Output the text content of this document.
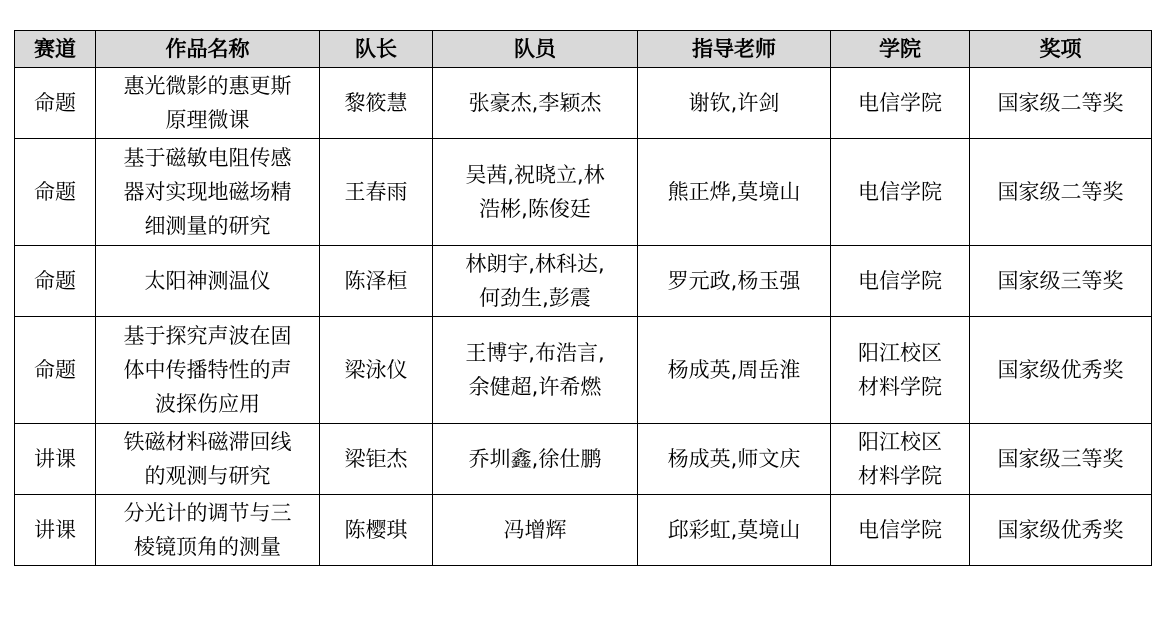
赛道	作品名称	队长	队员	指导老师	学院	奖项

命题	惠光微影的惠更斯
原理微课	黎筱慧	张豪杰,李颖杰	谢钦,许剑	电信学院	国家级二等奖

命题	基于磁敏电阻传感
器对实现地磁场精
细测量的研究	王春雨	吴茜,祝晓立,林
浩彬,陈俊廷	熊正烨,莫境山	电信学院	国家级二等奖

命题	太阳神测温仪	陈泽桓	林朗宇,林科达,
何劲生,彭震	罗元政,杨玉强	电信学院	国家级三等奖

命题	基于探究声波在固
体中传播特性的声
波探伤应用	梁泳仪	王博宇,布浩言,
余健超,许希燃	杨成英,周岳淮	阳江校区
材料学院	国家级优秀奖

讲课	铁磁材料磁滞回线
的观测与研究	梁钜杰	乔圳鑫,徐仕鹏	杨成英,师文庆	阳江校区
材料学院	国家级三等奖

讲课	分光计的调节与三
棱镜顶角的测量	陈樱琪	冯增辉	邱彩虹,莫境山	电信学院	国家级优秀奖
